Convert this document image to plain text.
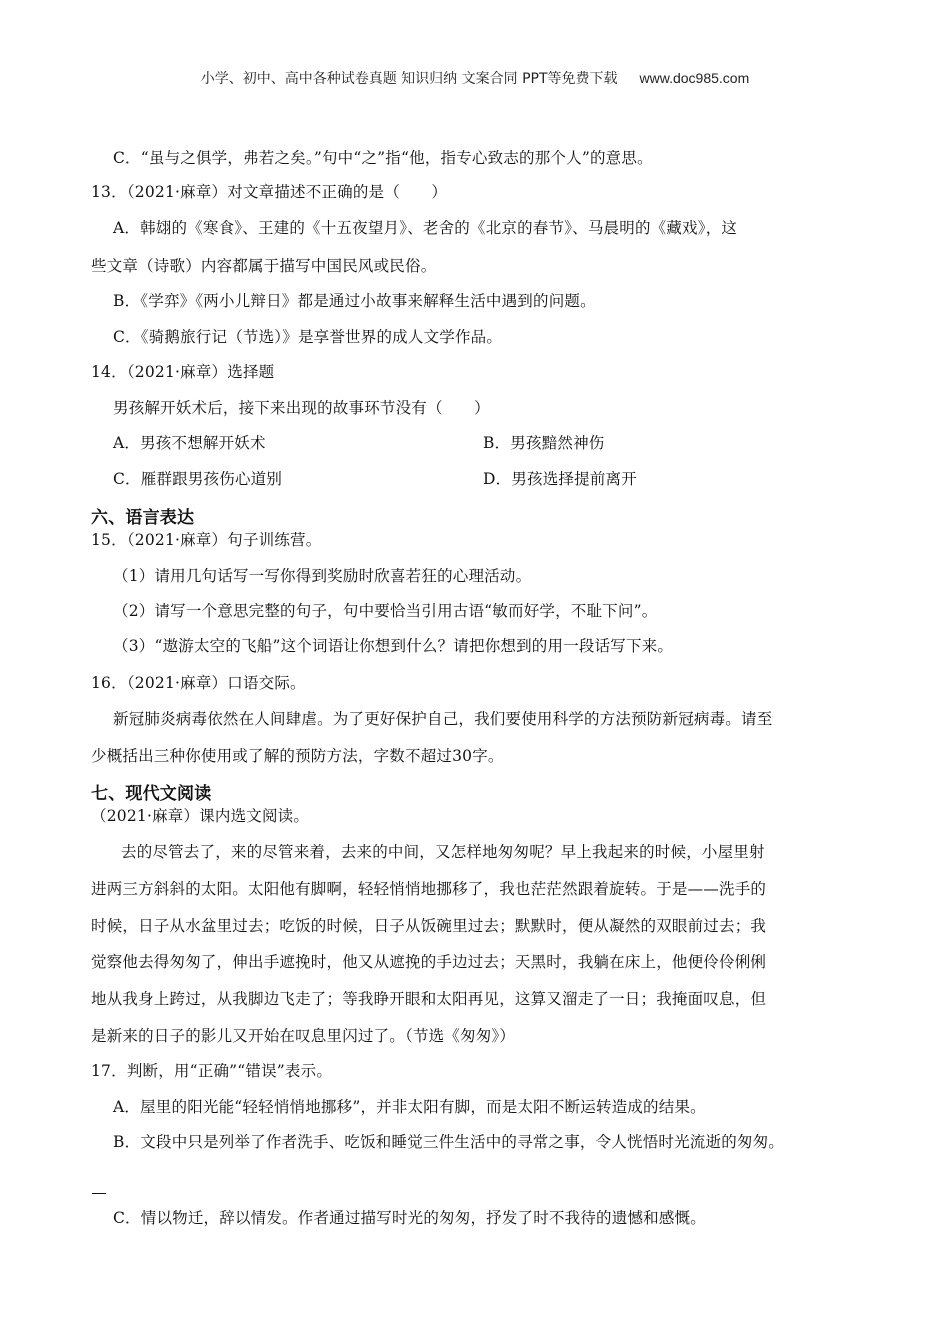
小学、初中、高中各种试卷真题 知识归纳 文案合同 PPT等免费下载 www.doc985.com
C．“虽与之俱学，弗若之矣。”句中“之”指“他，指专心致志的那个人”的意思。
13．（2021·麻章）对文章描述不正确的是（　　）
A．韩翃的《寒食》、王建的《十五夜望月》、老舍的《北京的春节》、马晨明的《藏戏》，这
些文章（诗歌）内容都属于描写中国民风或民俗。
B．《学弈》《两小儿辩日》都是通过小故事来解释生活中遇到的问题。
C．《骑鹅旅行记（节选）》是享誉世界的成人文学作品。
14．（2021·麻章）选择题
男孩解开妖术后，接下来出现的故事环节没有（　　）
A．男孩不想解开妖术	B．男孩黯然神伤
C．雁群跟男孩伤心道别	D．男孩选择提前离开
六、语言表达
15．（2021·麻章）句子训练营。
（1）请用几句话写一写你得到奖励时欣喜若狂的心理活动。
（2）请写一个意思完整的句子，句中要恰当引用古语“敏而好学，不耻下问”。
（3）“遨游太空的飞船”这个词语让你想到什么？请把你想到的用一段话写下来。
16．（2021·麻章）口语交际。
新冠肺炎病毒依然在人间肆虐。为了更好保护自己，我们要使用科学的方法预防新冠病毒。请至
少概括出三种你使用或了解的预防方法，字数不超过30字。
七、现代文阅读
（2021·麻章）课内选文阅读。
去的尽管去了，来的尽管来着，去来的中间，又怎样地匆匆呢？早上我起来的时候，小屋里射
进两三方斜斜的太阳。太阳他有脚啊，轻轻悄悄地挪移了，我也茫茫然跟着旋转。于是——洗手的
时候，日子从水盆里过去；吃饭的时候，日子从饭碗里过去；默默时，便从凝然的双眼前过去；我
觉察他去得匆匆了，伸出手遮挽时，他又从遮挽的手边过去；天黑时，我躺在床上，他便伶伶俐俐
地从我身上跨过，从我脚边飞走了；等我睁开眼和太阳再见，这算又溜走了一日；我掩面叹息，但
是新来的日子的影儿又开始在叹息里闪过了。（节选《匆匆》）
17．判断，用“正确”“错误”表示。
A．屋里的阳光能“轻轻悄悄地挪移”，并非太阳有脚，而是太阳不断运转造成的结果。
B．文段中只是列举了作者洗手、吃饭和睡觉三件生活中的寻常之事，令人恍悟时光流逝的匆匆。
C．情以物迁，辞以情发。作者通过描写时光的匆匆，抒发了时不我待的遗憾和感慨。
